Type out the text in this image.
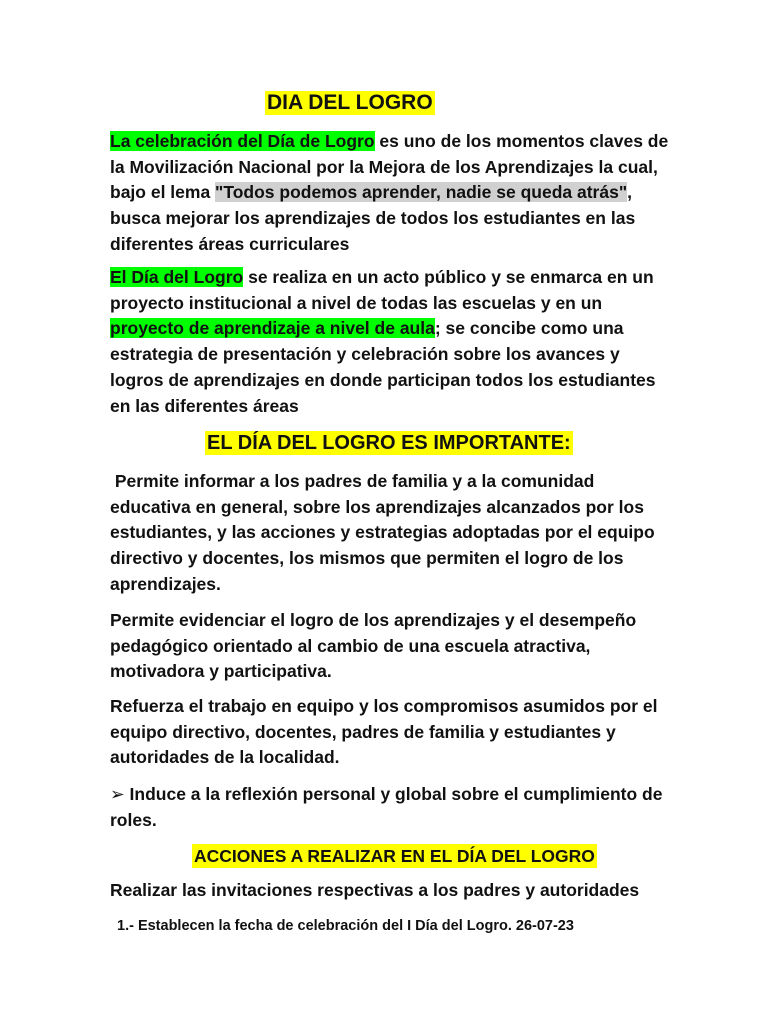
DIA DEL LOGRO

La celebración del Día de Logro es uno de los momentos claves de la Movilización Nacional por la Mejora de los Aprendizajes la cual, bajo el lema "Todos podemos aprender, nadie se queda atrás", busca mejorar los aprendizajes de todos los estudiantes en las diferentes áreas curriculares

El Día del Logro se realiza en un acto público y se enmarca en un proyecto institucional a nivel de todas las escuelas y en un proyecto de aprendizaje a nivel de aula; se concibe como una estrategia de presentación y celebración sobre los avances y logros de aprendizajes en donde participan todos los estudiantes en las diferentes áreas

EL DÍA DEL LOGRO ES IMPORTANTE:

Permite informar a los padres de familia y a la comunidad educativa en general, sobre los aprendizajes alcanzados por los estudiantes, y las acciones y estrategias adoptadas por el equipo directivo y docentes, los mismos que permiten el logro de los aprendizajes.

Permite evidenciar el logro de los aprendizajes y el desempeño pedagógico orientado al cambio de una escuela atractiva, motivadora y participativa.

Refuerza el trabajo en equipo y los compromisos asumidos por el equipo directivo, docentes, padres de familia y estudiantes y autoridades de la localidad.

➢ Induce a la reflexión personal y global sobre el cumplimiento de roles.

ACCIONES A REALIZAR EN EL DÍA DEL LOGRO

Realizar las invitaciones respectivas a los padres y autoridades

1.- Establecen la fecha de celebración del I Día del Logro. 26-07-23
